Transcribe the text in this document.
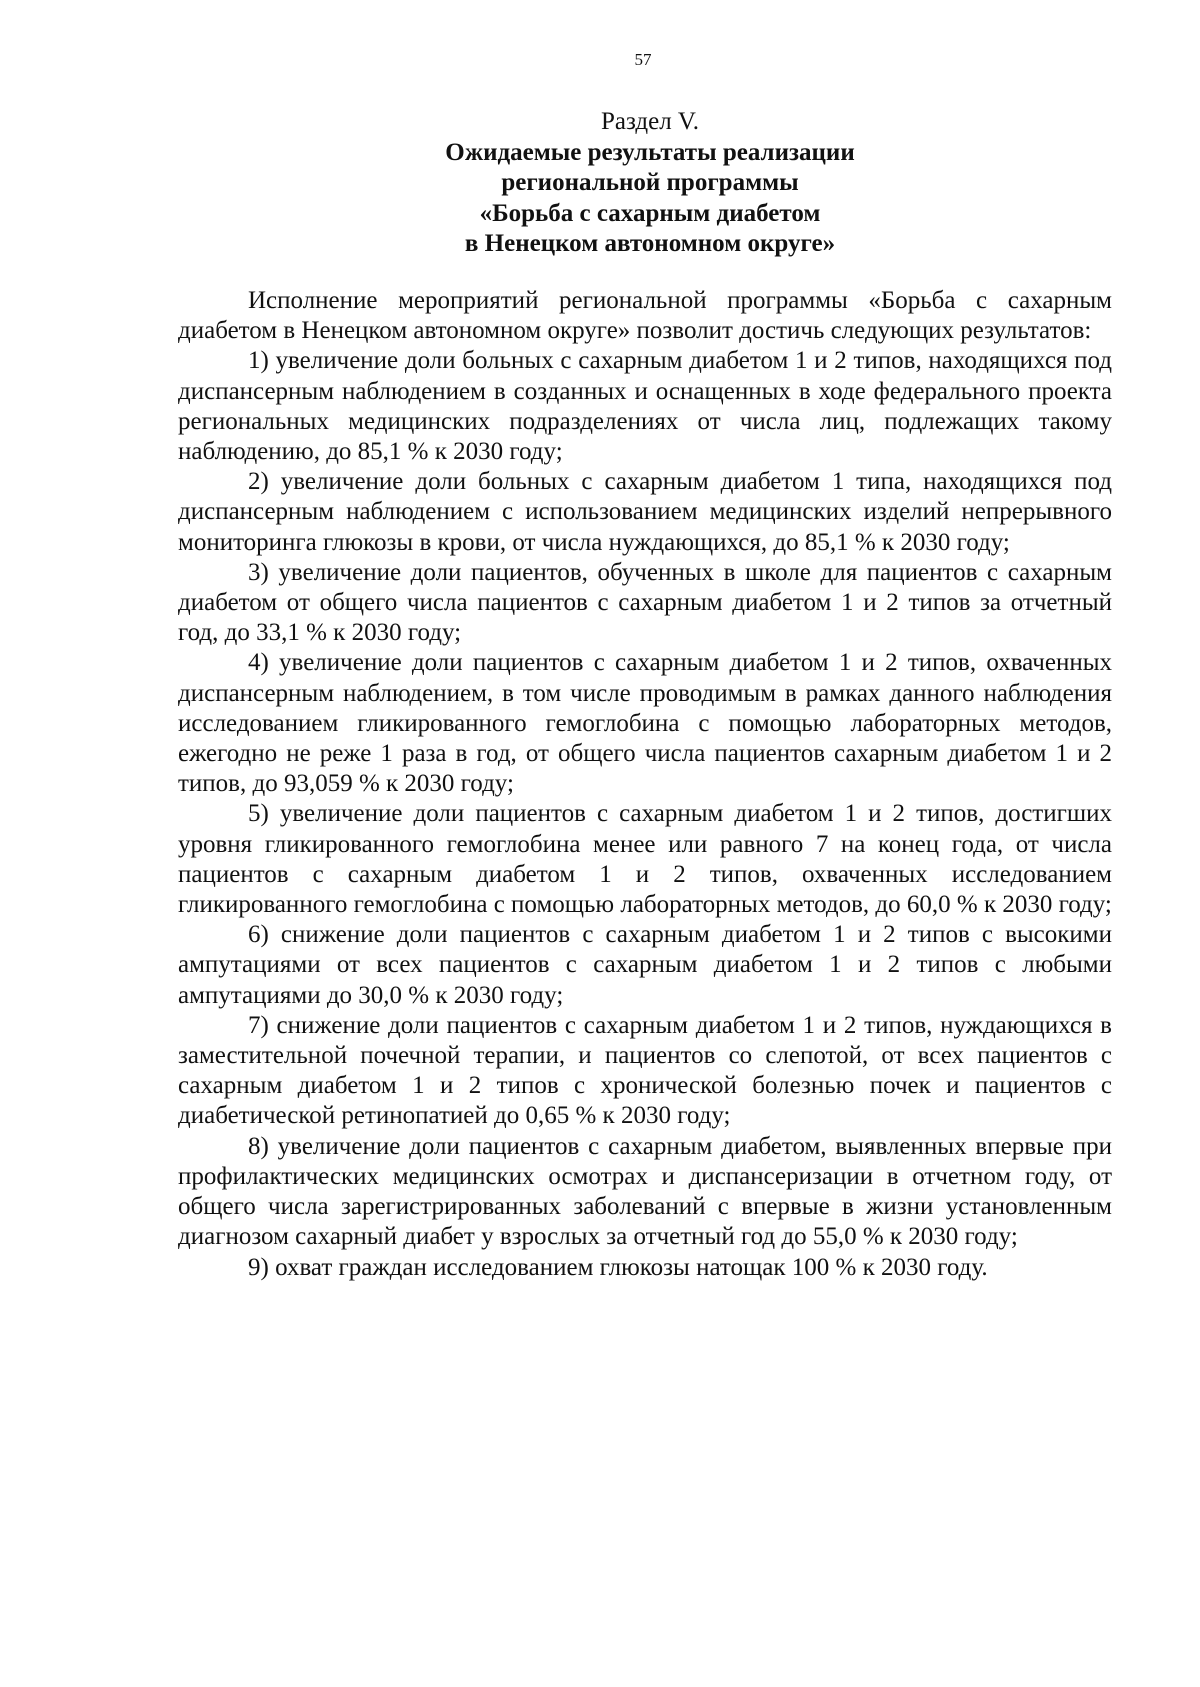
57
Раздел V.
Ожидаемые результаты реализации
региональной программы
«Борьба с сахарным диабетом
в Ненецком автономном округе»

Исполнение мероприятий региональной программы «Борьба с сахарным диабетом в Ненецком автономном округе» позволит достичь следующих результатов:

1) увеличение доли больных с сахарным диабетом 1 и 2 типов, находящихся под диспансерным наблюдением в созданных и оснащенных в ходе федерального проекта региональных медицинских подразделениях от числа лиц, подлежащих такому наблюдению, до 85,1 % к 2030 году;

2) увеличение доли больных с сахарным диабетом 1 типа, находящихся под диспансерным наблюдением с использованием медицинских изделий непрерывного мониторинга глюкозы в крови, от числа нуждающихся, до 85,1 % к 2030 году;

3) увеличение доли пациентов, обученных в школе для пациентов с сахарным диабетом от общего числа пациентов с сахарным диабетом 1 и 2 типов за отчетный год, до 33,1 % к 2030 году;

4) увеличение доли пациентов с сахарным диабетом 1 и 2 типов, охваченных диспансерным наблюдением, в том числе проводимым в рамках данного наблюдения исследованием гликированного гемоглобина с помощью лабораторных методов, ежегодно не реже 1 раза в год, от общего числа пациентов сахарным диабетом 1 и 2 типов, до 93,059 % к 2030 году;

5) увеличение доли пациентов с сахарным диабетом 1 и 2 типов, достигших уровня гликированного гемоглобина менее или равного 7 на конец года, от числа пациентов с сахарным диабетом 1 и 2 типов, охваченных исследованием гликированного гемоглобина с помощью лабораторных методов, до 60,0 % к 2030 году;

6) снижение доли пациентов с сахарным диабетом 1 и 2 типов с высокими ампутациями от всех пациентов с сахарным диабетом 1 и 2 типов с любыми ампутациями до 30,0 % к 2030 году;

7) снижение доли пациентов с сахарным диабетом 1 и 2 типов, нуждающихся в заместительной почечной терапии, и пациентов со слепотой, от всех пациентов с сахарным диабетом 1 и 2 типов с хронической болезнью почек и пациентов с диабетической ретинопатией до 0,65 % к 2030 году;

8) увеличение доли пациентов с сахарным диабетом, выявленных впервые при профилактических медицинских осмотрах и диспансеризации в отчетном году, от общего числа зарегистрированных заболеваний с впервые в жизни установленным диагнозом сахарный диабет у взрослых за отчетный год до 55,0 % к 2030 году;

9) охват граждан исследованием глюкозы натощак 100 % к 2030 году.
